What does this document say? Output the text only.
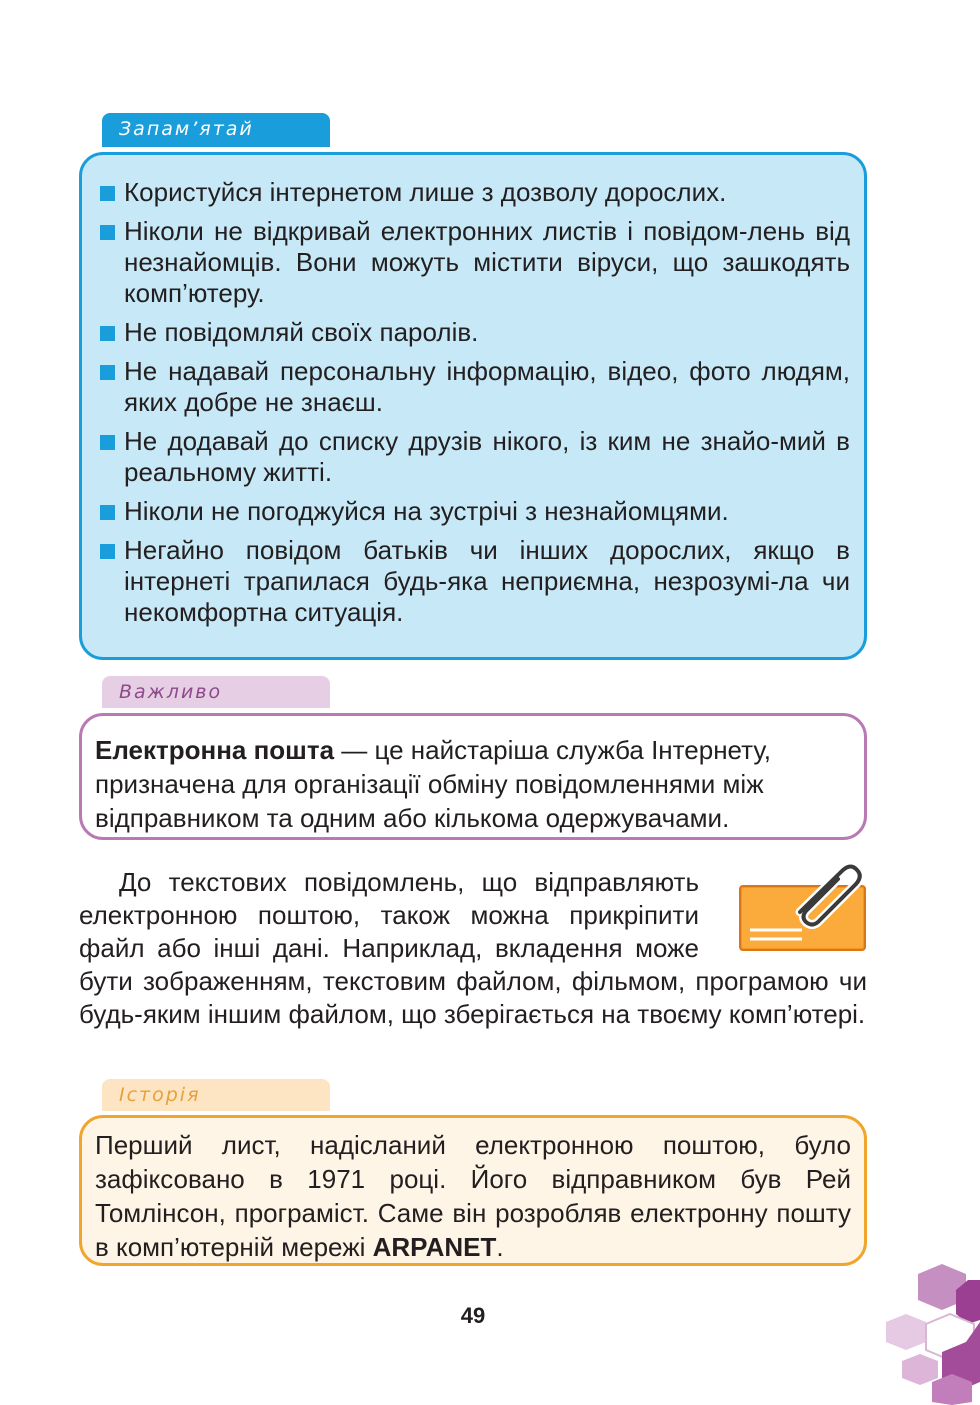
Запам’ятай
Користуйся інтернетом лише з дозволу дорослих.
Ніколи не відкривай електронних листів і повідом-лень від незнайомців. Вони можуть містити віруси, що зашкодять комп’ютеру.
Не повідомляй своїх паролів.
Не надавай персональну інформацію, відео, фото людям, яких добре не знаєш.
Не додавай до списку друзів нікого, із ким не знайо-мий в реальному житті.
Ніколи не погоджуйся на зустрічі з незнайомцями.
Негайно повідом батьків чи інших дорослих, якщо в інтернеті трапилася будь-яка неприємна, незрозумі-ла чи некомфортна ситуація.
Важливо
Електронна пошта — це найстаріша служба Інтернету, призначена для організації обміну повідомленнями між відправником та одним або кількома одержувачами.

До текстових повідомлень, що відправляють електронною поштою, також можна прикріпити файл або інші дані. Наприклад, вкладення може бути зображенням, текстовим файлом, фільмом, програмою чи будь-яким іншим файлом, що зберігається на твоєму комп’ютері.

Історія
Перший лист, надісланий електронною поштою, було зафіксовано в 1971 році. Його відправником був Рей Томлінсон, програміст. Саме він розробляв електронну пошту в комп’ютерній мережі ARPANET.
49
